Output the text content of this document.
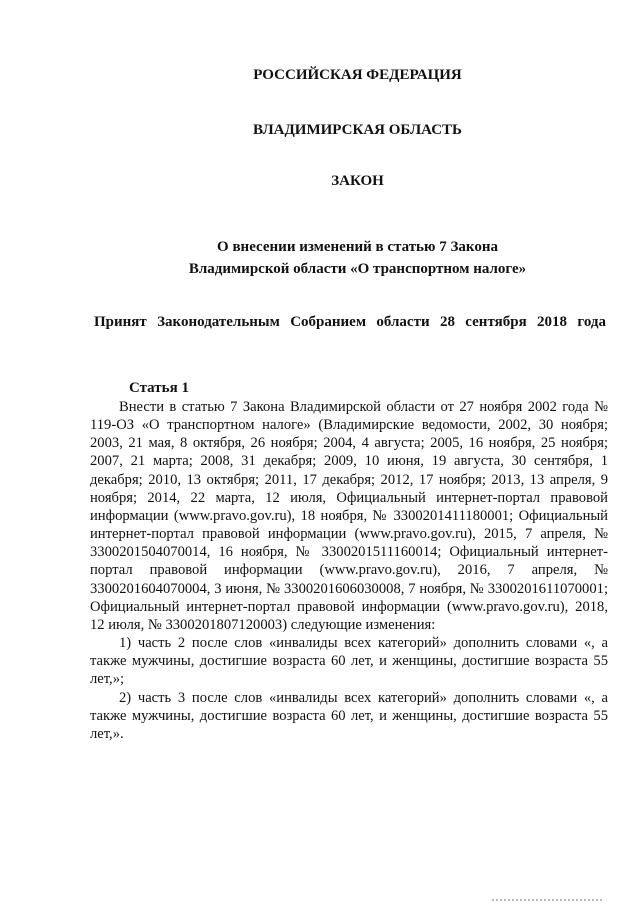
РОССИЙСКАЯ ФЕДЕРАЦИЯ
ВЛАДИМИРСКАЯ ОБЛАСТЬ
ЗАКОН
О внесении изменений в статью 7 Закона
Владимирской области «О транспортном налоге»
Принят Законодательным Собранием области 28 сентября 2018 года
Статья 1

Внести в статью 7 Закона Владимирской области от 27 ноября 2002 года № 119-ОЗ «О транспортном налоге» (Владимирские ведомости, 2002, 30 ноября; 2003, 21 мая, 8 октября, 26 ноября; 2004, 4 августа; 2005, 16 ноября, 25 ноября; 2007, 21 марта; 2008, 31 декабря; 2009, 10 июня, 19 августа, 30 сентября, 1 декабря; 2010, 13 октября; 2011, 17 декабря; 2012, 17 ноября; 2013, 13 апреля, 9 ноября; 2014, 22 марта, 12 июля, Официальный интернет-портал правовой информации (www.pravo.gov.ru), 18 ноября, № 3300201411180001; Официальный интернет-портал правовой информации (www.pravo.gov.ru), 2015, 7 апреля, № 3300201504070014, 16 ноября, № 3300201511160014; Официальный интернет-портал правовой информации (www.pravo.gov.ru), 2016, 7 апреля, № 3300201604070004, 3 июня, № 3300201606030008, 7 ноября, № 3300201611070001; Официальный интернет-портал правовой информации (www.pravo.gov.ru), 2018, 12 июля, № 3300201807120003) следующие изменения:

1) часть 2 после слов «инвалиды всех категорий» дополнить словами «, а также мужчины, достигшие возраста 60 лет, и женщины, достигшие возраста 55 лет,»;

2) часть 3 после слов «инвалиды всех категорий» дополнить словами «, а также мужчины, достигшие возраста 60 лет, и женщины, достигшие возраста 55 лет,».
